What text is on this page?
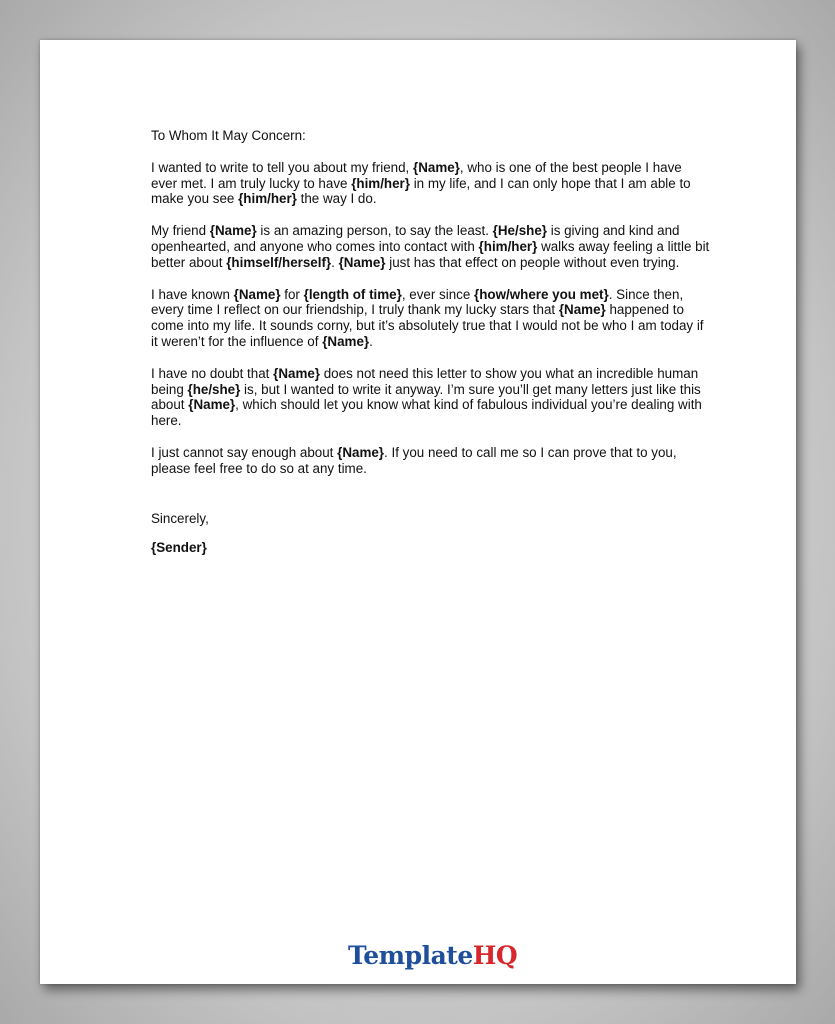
To Whom It May Concern:

I wanted to write to tell you about my friend, {Name}, who is one of the best people I have ever met. I am truly lucky to have {him/her} in my life, and I can only hope that I am able to make you see {him/her} the way I do.

My friend {Name} is an amazing person, to say the least. {He/she} is giving and kind and openhearted, and anyone who comes into contact with {him/her} walks away feeling a little bit better about {himself/herself}. {Name} just has that effect on people without even trying.

I have known {Name} for {length of time}, ever since {how/where you met}. Since then, every time I reflect on our friendship, I truly thank my lucky stars that {Name} happened to come into my life. It sounds corny, but it’s absolutely true that I would not be who I am today if it weren’t for the influence of {Name}.

I have no doubt that {Name} does not need this letter to show you what an incredible human being {he/she} is, but I wanted to write it anyway. I’m sure you’ll get many letters just like this about {Name}, which should let you know what kind of fabulous individual you’re dealing with here.

I just cannot say enough about {Name}. If you need to call me so I can prove that to you, please feel free to do so at any time.

Sincerely,

{Sender}

TemplateHQ
